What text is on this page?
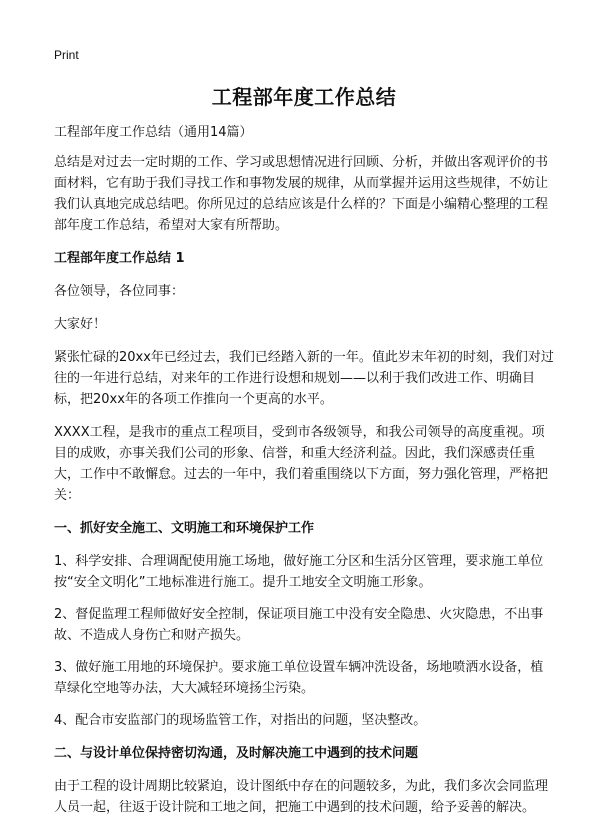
Print
工程部年度工作总结

工程部年度工作总结（通用14篇）

总结是对过去一定时期的工作、学习或思想情况进行回顾、分析，并做出客观评价的书面材料，它有助于我们寻找工作和事物发展的规律，从而掌握并运用这些规律，不妨让我们认真地完成总结吧。你所见过的总结应该是什么样的？下面是小编精心整理的工程部年度工作总结，希望对大家有所帮助。

工程部年度工作总结 1

各位领导，各位同事：

大家好！

紧张忙碌的20xx年已经过去，我们已经踏入新的一年。值此岁末年初的时刻，我们对过往的一年进行总结，对来年的工作进行设想和规划——以利于我们改进工作、明确目标，把20xx年的各项工作推向一个更高的水平。

XXXX工程，是我市的重点工程项目，受到市各级领导，和我公司领导的高度重视。项目的成败，亦事关我们公司的形象、信誉，和重大经济利益。因此，我们深感责任重大，工作中不敢懈怠。过去的一年中，我们着重围绕以下方面，努力强化管理，严格把关：

一、抓好安全施工、文明施工和环境保护工作

1、科学安排、合理调配使用施工场地，做好施工分区和生活分区管理，要求施工单位按“安全文明化”工地标准进行施工。提升工地安全文明施工形象。

2、督促监理工程师做好安全控制，保证项目施工中没有安全隐患、火灾隐患，不出事故、不造成人身伤亡和财产损失。

3、做好施工用地的环境保护。要求施工单位设置车辆冲洗设备，场地喷洒水设备，植草绿化空地等办法，大大减轻环境扬尘污染。

4、配合市安监部门的现场监管工作，对指出的问题，坚决整改。

二、与设计单位保持密切沟通，及时解决施工中遇到的技术问题

由于工程的设计周期比较紧迫，设计图纸中存在的问题较多，为此，我们多次会同监理人员一起，往返于设计院和工地之间，把施工中遇到的技术问题，给予妥善的解决。
